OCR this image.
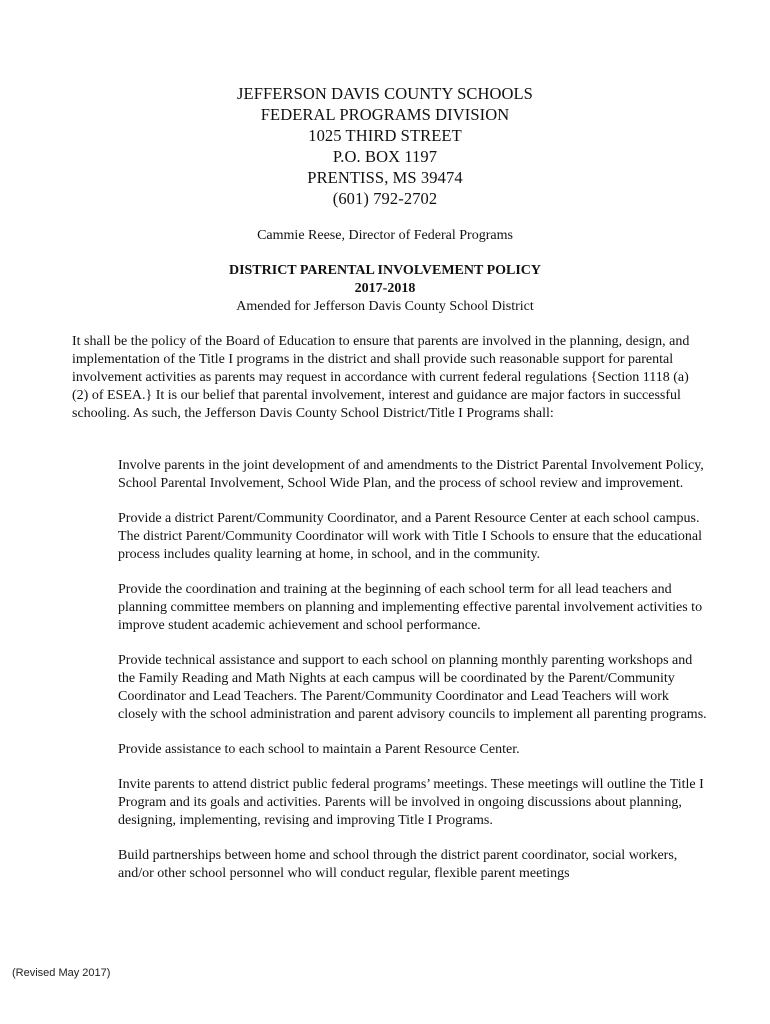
JEFFERSON DAVIS COUNTY SCHOOLS
FEDERAL PROGRAMS DIVISION
1025 THIRD STREET
P.O. BOX 1197
PRENTISS, MS 39474
(601) 792-2702
Cammie Reese, Director of Federal Programs
DISTRICT PARENTAL INVOLVEMENT POLICY
2017-2018
Amended for Jefferson Davis County School District
It shall be the policy of the Board of Education to ensure that parents are involved in the planning, design, and implementation of the Title I programs in the district and shall provide such reasonable support for parental involvement activities as parents may request in accordance with current federal regulations {Section 1118 (a)(2) of ESEA.} It is our belief that parental involvement, interest and guidance are major factors in successful schooling. As such, the Jefferson Davis County School District/Title I Programs shall:
Involve parents in the joint development of and amendments to the District Parental Involvement Policy, School Parental Involvement, School Wide Plan, and the process of school review and improvement.
Provide a district Parent/Community Coordinator, and a Parent Resource Center at each school campus. The district Parent/Community Coordinator will work with Title I Schools to ensure that the educational process includes quality learning at home, in school, and in the community.
Provide the coordination and training at the beginning of each school term for all lead teachers and planning committee members on planning and implementing effective parental involvement activities to improve student academic achievement and school performance.
Provide technical assistance and support to each school on planning monthly parenting workshops and the Family Reading and Math Nights at each campus will be coordinated by the Parent/Community Coordinator and Lead Teachers. The Parent/Community Coordinator and Lead Teachers will work closely with the school administration and parent advisory councils to implement all parenting programs.
Provide assistance to each school to maintain a Parent Resource Center.
Invite parents to attend district public federal programs’ meetings. These meetings will outline the Title I Program and its goals and activities. Parents will be involved in ongoing discussions about planning, designing, implementing, revising and improving Title I Programs.
Build partnerships between home and school through the district parent coordinator, social workers, and/or other school personnel who will conduct regular, flexible parent meetings
(Revised May 2017)
